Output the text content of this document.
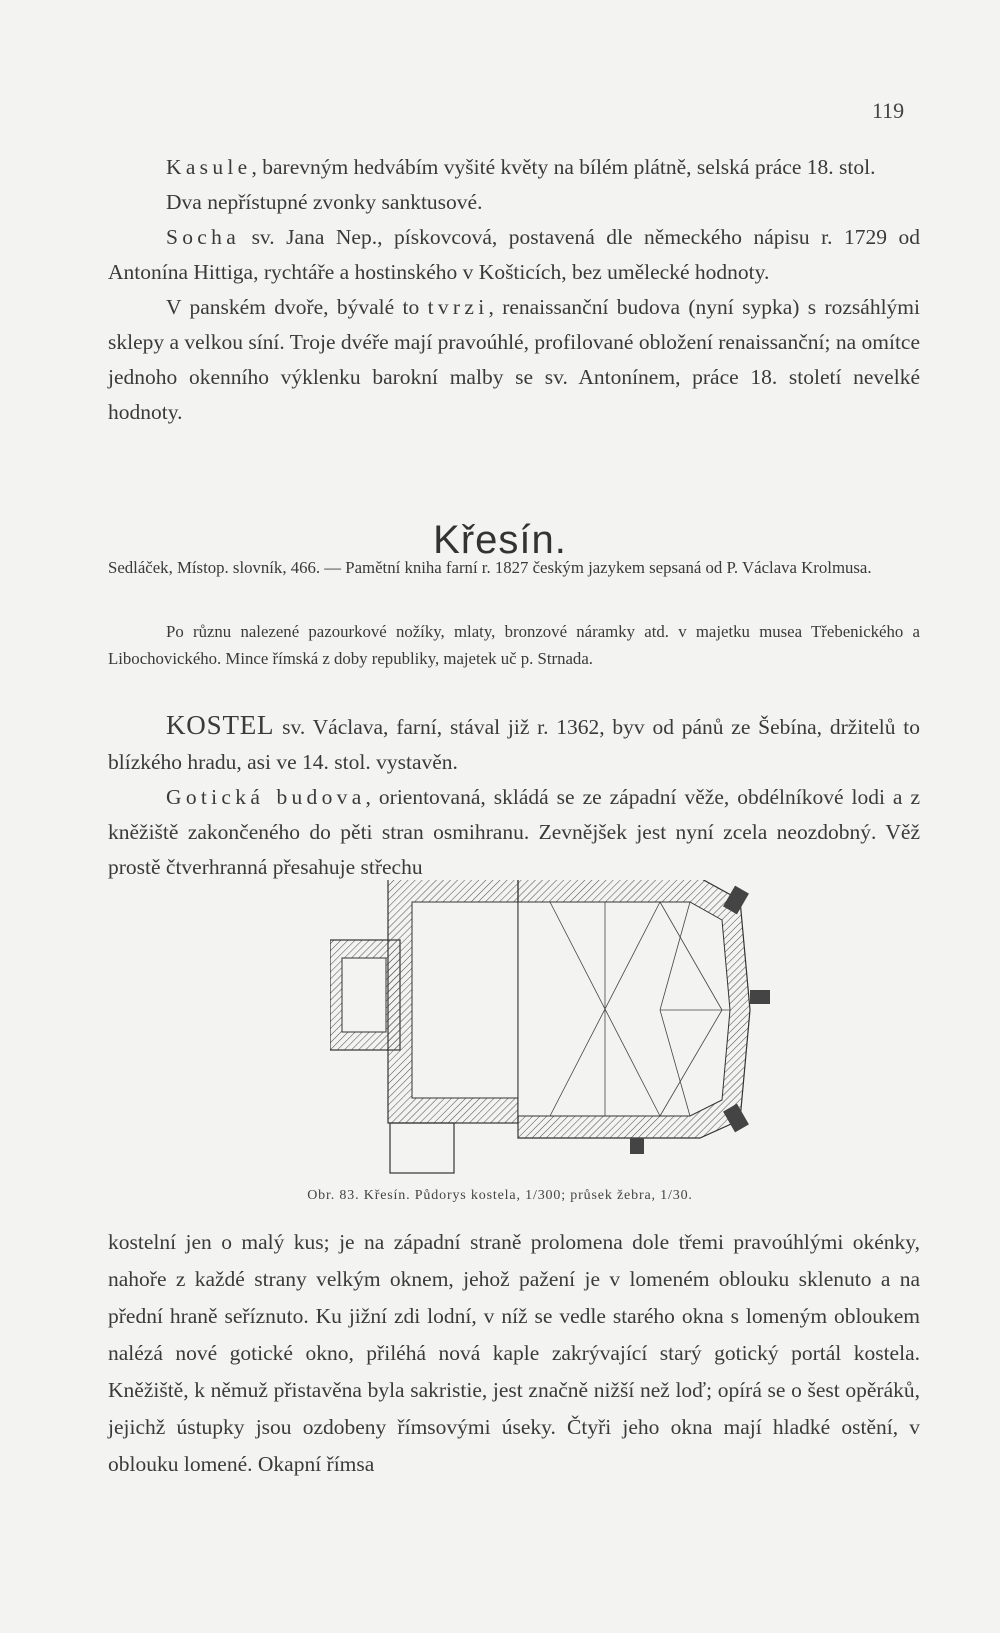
119

Kasule, barevným hedvábím vyšité květy na bílém plátně, selská práce 18. stol.

Dva nepřístupné zvonky sanktusové.

Socha sv. Jana Nep., pískovcová, postavená dle německého nápisu r. 1729 od Antonína Hittiga, rychtáře a hostinského v Košticích, bez umělecké hodnoty.

V panském dvoře, bývalé to tvrzi, renaissanční budova (nyní sypka) s rozsáhlými sklepy a velkou síní. Troje dvéře mají pravoúhlé, profilované obložení renaissanční; na omítce jednoho okenního výklenku barokní malby se sv. Antonínem, práce 18. století nevelké hodnoty.

Křesín.

Sedláček, Místop. slovník, 466. — Pamětní kniha farní r. 1827 českým jazykem sepsaná od P. Václava Krolmusa.

Po různu nalezené pazourkové nožíky, mlaty, bronzové náramky atd. v majetku musea Třebenického a Libochovického. Mince římská z doby republiky, majetek uč p. Strnada.

KOSTEL sv. Václava, farní, stával již r. 1362, byv od pánů ze Šebína, držitelů to blízkého hradu, asi ve 14. stol. vystavěn.

Gotická budova, orientovaná, skládá se ze západní věže, obdélníkové lodi a z kněžiště zakončeného do pěti stran osmihranu. Zevnějšek jest nyní zcela neozdobný. Věž prostě čtverhranná přesahuje střechu

Obr. 83. Křesín. Půdorys kostela, 1/300; průsek žebra, 1/30.

kostelní jen o malý kus; je na západní straně prolomena dole třemi pravoúhlými okénky, nahoře z každé strany velkým oknem, jehož pažení je v lomeném oblouku sklenuto a na přední hraně seříznuto. Ku jižní zdi lodní, v níž se vedle starého okna s lomeným obloukem nalézá nové gotické okno, přiléhá nová kaple zakrývající starý gotický portál kostela. Kněžiště, k němuž přistavěna byla sakristie, jest značně nižší než loď; opírá se o šest opěráků, jejichž ústupky jsou ozdobeny římsovými úseky. Čtyři jeho okna mají hladké ostění, v oblouku lomené. Okapní římsa
